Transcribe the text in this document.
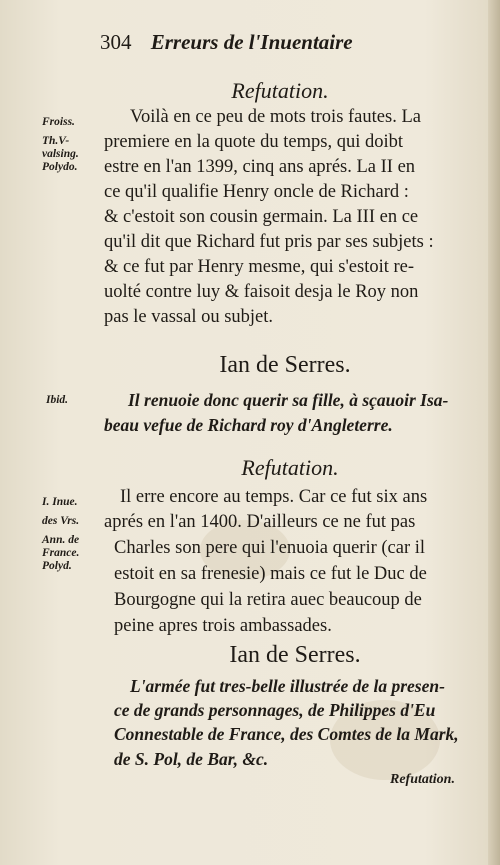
304 Erreurs de l'Inuentaire
Refutation.
Froiss.
Th.V-
valsing.
Polydo.
Voilà en ce peu de mots trois fautes. La
premiere en la quote du temps, qui doibt
estre en l'an 1399, cinq ans aprés. La II en
ce qu'il qualifie Henry oncle de Richard :
& c'estoit son cousin germain. La III en ce
qu'il dit que Richard fut pris par ses subjets :
& ce fut par Henry mesme, qui s'estoit re-
uolté contre luy & faisoit desja le Roy non
pas le vassal ou subjet.
Ian de Serres.
Ibid.	Il renuoie donc querir sa fille, à sçauoir Isa-
beau vefue de Richard roy d'Angleterre.
Refutation.
I. Inue.
des Vrs.
Ann. de
France.
Polyd.
Il erre encore au temps. Car ce fut six ans
aprés en l'an 1400. D'ailleurs ce ne fut pas
Charles son pere qui l'enuoia querir (car il
estoit en sa frenesie) mais ce fut le Duc de
Bourgogne qui la retira auec beaucoup de
peine apres trois ambassades.
Ian de Serres.
L'armée fut tres-belle illustrée de la presen-
ce de grands personnages, de Philippes d'Eu
Connestable de France, des Comtes de la Mark,
de S. Pol, de Bar, &c.
Refutation.
